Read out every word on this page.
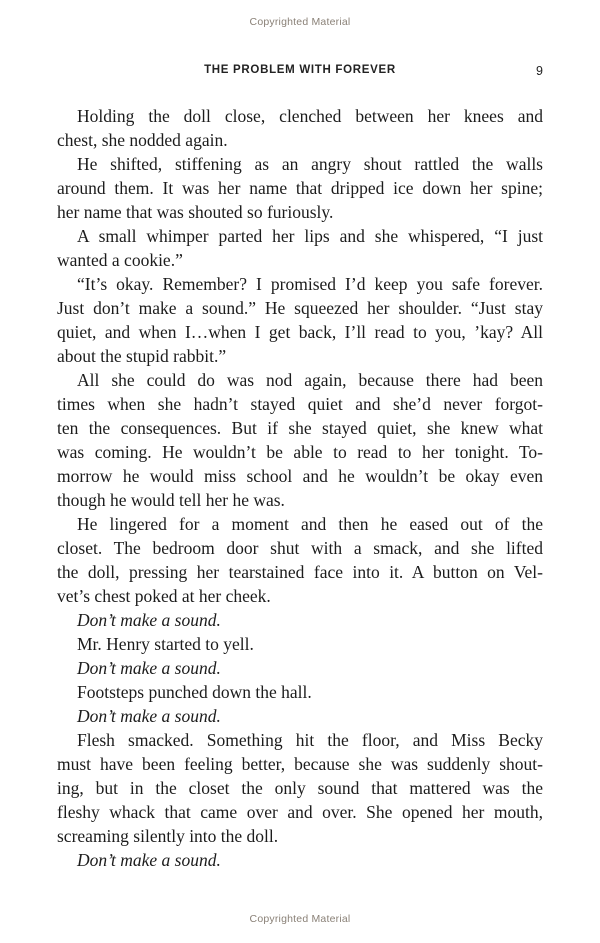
Copyrighted Material
THE PROBLEM WITH FOREVER	9
Holding the doll close, clenched between her knees and
chest, she nodded again.
He shifted, stiffening as an angry shout rattled the walls
around them. It was her name that dripped ice down her spine;
her name that was shouted so furiously.
A small whimper parted her lips and she whispered, “I just
wanted a cookie.”
“It’s okay. Remember? I promised I’d keep you safe forever.
Just don’t make a sound.” He squeezed her shoulder. “Just stay
quiet, and when I…when I get back, I’ll read to you, ’kay? All
about the stupid rabbit.”
All she could do was nod again, because there had been
times when she hadn’t stayed quiet and she’d never forgot-
ten the consequences. But if she stayed quiet, she knew what
was coming. He wouldn’t be able to read to her tonight. To-
morrow he would miss school and he wouldn’t be okay even
though he would tell her he was.
He lingered for a moment and then he eased out of the
closet. The bedroom door shut with a smack, and she lifted
the doll, pressing her tearstained face into it. A button on Vel-
vet’s chest poked at her cheek.
Don’t make a sound.
Mr. Henry started to yell.
Don’t make a sound.
Footsteps punched down the hall.
Don’t make a sound.
Flesh smacked. Something hit the floor, and Miss Becky
must have been feeling better, because she was suddenly shout-
ing, but in the closet the only sound that mattered was the
fleshy whack that came over and over. She opened her mouth,
screaming silently into the doll.
Don’t make a sound.
Copyrighted Material
